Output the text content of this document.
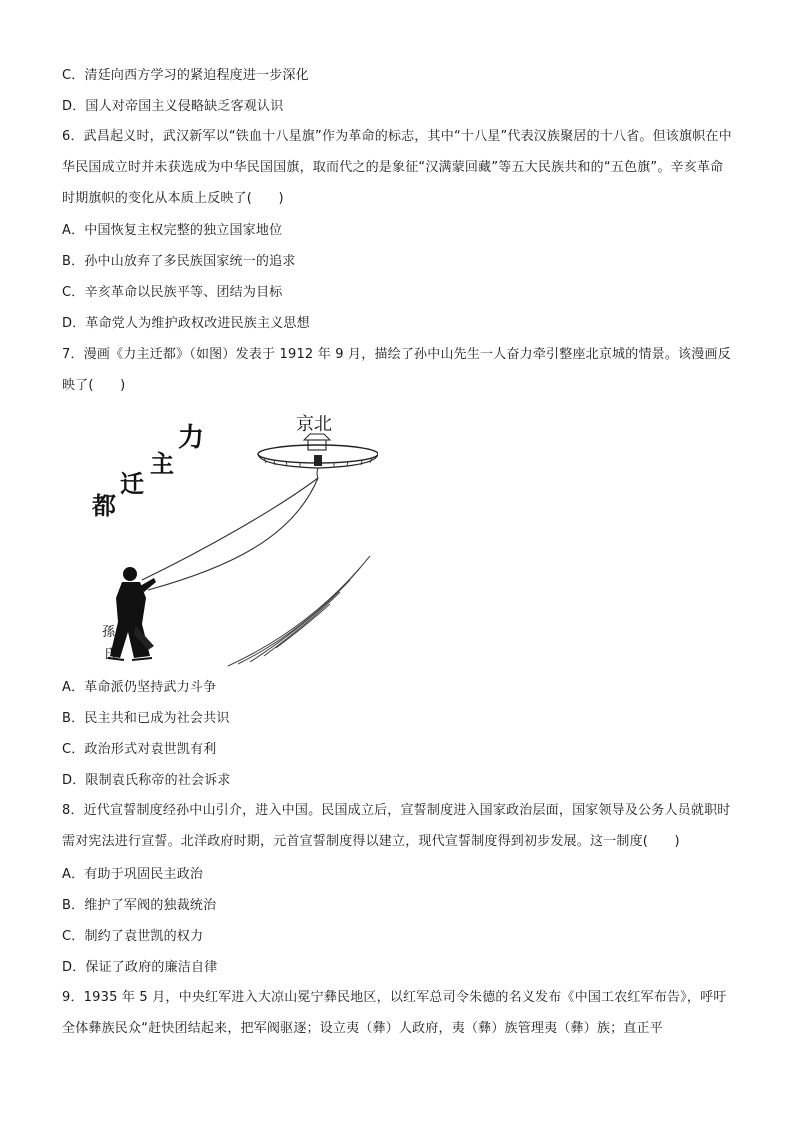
C．清廷向西方学习的紧迫程度进一步深化
D．国人对帝国主义侵略缺乏客观认识
6．武昌起义时，武汉新军以“铁血十八星旗”作为革命的标志，其中“十八星”代表汉族聚居的十八省。但该旗帜在中华民国成立时并未获选成为中华民国国旗，取而代之的是象征“汉满蒙回藏”等五大民族共和的“五色旗”。辛亥革命时期旗帜的变化从本质上反映了(　　)
A．中国恢复主权完整的独立国家地位
B．孙中山放弃了多民族国家统一的追求
C．辛亥革命以民族平等、团结为目标
D．革命党人为维护政权改进民族主义思想
7．漫画《力主迁都》（如图）发表于 1912 年 9 月，描绘了孙中山先生一人奋力牵引整座北京城的情景。该漫画反映了(　　)
力
主
迁
都
京北
孫
氏
A．革命派仍坚持武力斗争
B．民主共和已成为社会共识
C．政治形式对袁世凯有利
D．限制袁氏称帝的社会诉求
8．近代宣誓制度经孙中山引介，进入中国。民国成立后，宣誓制度进入国家政治层面，国家领导及公务人员就职时需对宪法进行宣誓。北洋政府时期，元首宣誓制度得以建立，现代宣誓制度得到初步发展。这一制度(　　)
A．有助于巩固民主政治
B．维护了军阀的独裁统治
C．制约了袁世凯的权力
D．保证了政府的廉洁自律
9．1935 年 5 月，中央红军进入大凉山冕宁彝民地区，以红军总司令朱德的名义发布《中国工农红军布告》，呼吁全体彝族民众“赶快团结起来，把军阀驱逐；设立夷（彝）人政府，夷（彝）族管理夷（彝）族；直正平
